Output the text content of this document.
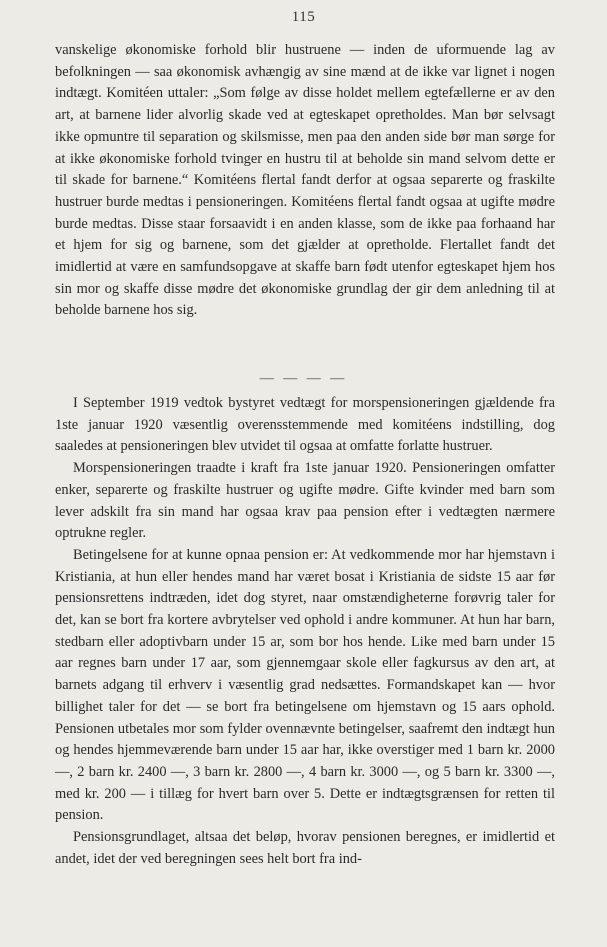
115

vanskelige økonomiske forhold blir hustruene — inden de uformuende lag av befolkningen — saa økonomisk avhængig av sine mænd at de ikke var lignet i nogen indtægt. Komitéen uttaler: „Som følge av disse holdet mellem egtefællerne er av den art, at barnene lider alvorlig skade ved at egteskapet opretholdes. Man bør selvsagt ikke opmuntre til separation og skilsmisse, men paa den anden side bør man sørge for at ikke økonomiske forhold tvinger en hustru til at beholde sin mand selvom dette er til skade for barnene.“ Komitéens flertal fandt derfor at ogsaa separerte og fraskilte hustruer burde medtas i pensioneringen. Komitéens flertal fandt ogsaa at ugifte mødre burde medtas. Disse staar forsaavidt i en anden klasse, som de ikke paa forhaand har et hjem for sig og barnene, som det gjælder at opretholde. Flertallet fandt det imidlertid at være en samfundsopgave at skaffe barn født utenfor egteskapet hjem hos sin mor og skaffe disse mødre det økonomiske grundlag der gir dem anledning til at beholde barnene hos sig.

— — — —

I September 1919 vedtok bystyret vedtægt for morspensioneringen gjældende fra 1ste januar 1920 væsentlig overensstemmende med komitéens indstilling, dog saaledes at pensioneringen blev utvidet til ogsaa at omfatte forlatte hustruer.

Morspensioneringen traadte i kraft fra 1ste januar 1920. Pensioneringen omfatter enker, separerte og fraskilte hustruer og ugifte mødre. Gifte kvinder med barn som lever adskilt fra sin mand har ogsaa krav paa pension efter i vedtægten nærmere optrukne regler.

Betingelsene for at kunne opnaa pension er: At vedkommende mor har hjemstavn i Kristiania, at hun eller hendes mand har været bosat i Kristiania de sidste 15 aar før pensionsrettens indtræden, idet dog styret, naar omstændigheterne forøvrig taler for det, kan se bort fra kortere avbrytelser ved ophold i andre kommuner. At hun har barn, stedbarn eller adoptivbarn under 15 ar, som bor hos hende. Like med barn under 15 aar regnes barn under 17 aar, som gjennemgaar skole eller fagkursus av den art, at barnets adgang til erhverv i væsentlig grad nedsættes. Formandskapet kan — hvor billighet taler for det — se bort fra betingelsene om hjemstavn og 15 aars ophold. Pensionen utbetales mor som fylder ovennævnte betingelser, saafremt den indtægt hun og hendes hjemmeværende barn under 15 aar har, ikke overstiger med 1 barn kr. 2000 —, 2 barn kr. 2400 —, 3 barn kr. 2800 —, 4 barn kr. 3000 —, og 5 barn kr. 3300 —, med kr. 200 — i tillæg for hvert barn over 5. Dette er indtægtsgrænsen for retten til pension.

Pensionsgrundlaget, altsaa det beløp, hvorav pensionen beregnes, er imidlertid et andet, idet der ved beregningen sees helt bort fra ind-
